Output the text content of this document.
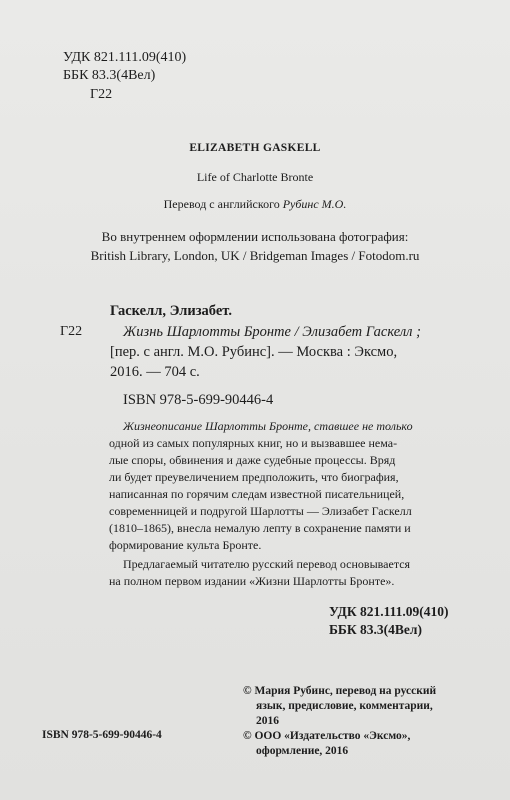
УДК 821.111.09(410)
ББК 83.3(4Вел)
Г22
ELIZABETH GASKELL
Life of Charlotte Bronte
Перевод с английского Рубинс М.О.
Во внутреннем оформлении использована фотография:
British Library, London, UK / Bridgeman Images / Fotodom.ru
Г22
Гаскелл, Элизабет.
Жизнь Шарлотты Бронте / Элизабет Гаскелл ;
[пер. с англ. М.О. Рубинс]. — Москва : Эксмо,
2016. — 704 с.
ISBN 978-5-699-90446-4
Жизнеописание Шарлотты Бронте, ставшее не только
одной из самых популярных книг, но и вызвавшее нема-
лые споры, обвинения и даже судебные процессы. Вряд
ли будет преувеличением предположить, что биография,
написанная по горячим следам известной писательницей,
современницей и подругой Шарлотты — Элизабет Гаскелл
(1810–1865), внесла немалую лепту в сохранение памяти и
формирование культа Бронте.
Предлагаемый читателю русский перевод основывается
на полном первом издании «Жизни Шарлотты Бронте».
УДК 821.111.09(410)
ББК 83.3(4Вел)
© Мария Рубинс, перевод на русский
язык, предисловие, комментарии,
2016
© ООО «Издательство «Эксмо»,
оформление, 2016
ISBN 978-5-699-90446-4
